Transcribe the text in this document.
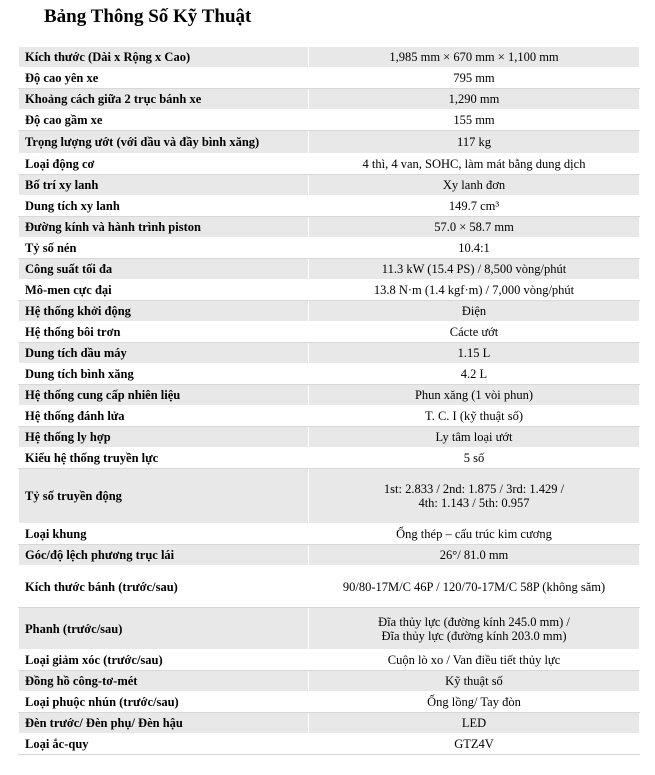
Bảng Thông Số Kỹ Thuật
Kích thước (Dài x Rộng x Cao)	1,985 mm × 670 mm × 1,100 mm

Độ cao yên xe	795 mm

Khoảng cách giữa 2 trục bánh xe	1,290 mm

Độ cao gầm xe	155 mm

Trọng lượng ướt (với dầu và đầy bình xăng)	117 kg

Loại động cơ	4 thì, 4 van, SOHC, làm mát bằng dung dịch

Bố trí xy lanh	Xy lanh đơn

Dung tích xy lanh	149.7 cm³

Đường kính và hành trình piston	57.0 × 58.7 mm

Tỷ số nén	10.4:1

Công suất tối đa	11.3 kW (15.4 PS) / 8,500 vòng/phút

Mô-men cực đại	13.8 N·m (1.4 kgf·m) / 7,000 vòng/phút

Hệ thống khởi động	Điện

Hệ thống bôi trơn	Cácte ướt

Dung tích dầu máy	1.15 L

Dung tích bình xăng	4.2 L

Hệ thống cung cấp nhiên liệu	Phun xăng (1 vòi phun)

Hệ thống đánh lửa	T. C. I (kỹ thuật số)

Hệ thống ly hợp	Ly tâm loại ướt

Kiểu hệ thống truyền lực	5 số

Tỷ số truyền động	1st: 2.833 / 2nd: 1.875 / 3rd: 1.429 /
4th: 1.143 / 5th: 0.957

Loại khung	Ống thép – cấu trúc kim cương

Góc/độ lệch phương trục lái	26°/ 81.0 mm

Kích thước bánh (trước/sau)	90/80-17M/C 46P / 120/70-17M/C 58P (không săm)

Phanh (trước/sau)	Đĩa thủy lực (đường kính 245.0 mm) /
Đĩa thủy lực (đường kính 203.0 mm)

Loại giảm xóc (trước/sau)	Cuộn lò xo / Van điều tiết thủy lực

Đồng hồ công-tơ-mét	Kỹ thuật số

Loại phuộc nhún (trước/sau)	Ống lồng/ Tay đòn

Đèn trước/ Đèn phụ/ Đèn hậu	LED

Loại ắc-quy	GTZ4V
